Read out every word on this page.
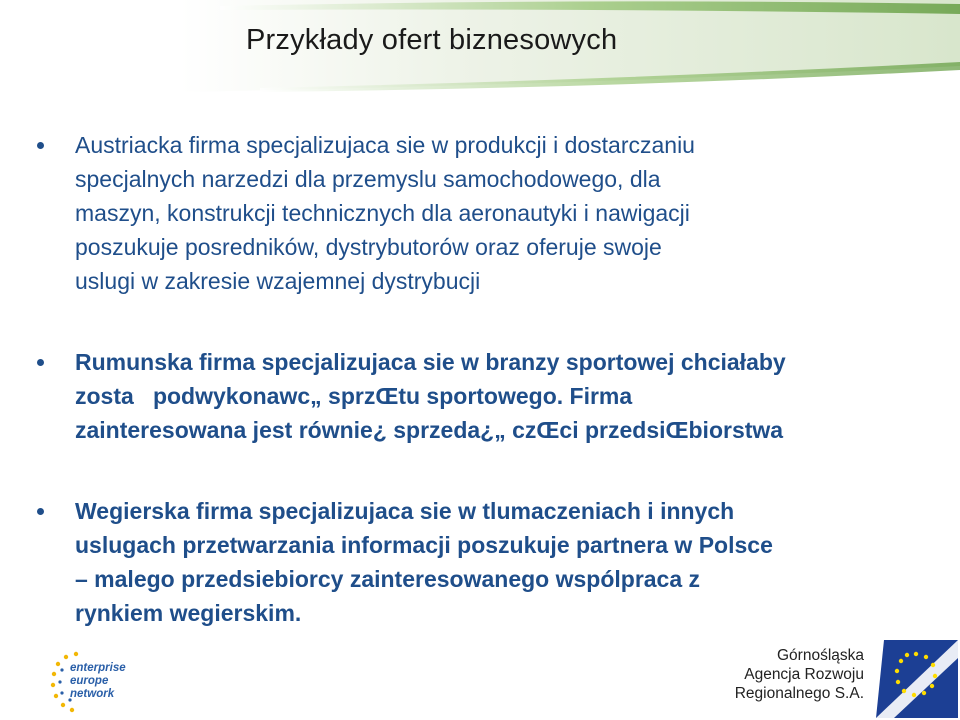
Przykłady ofert biznesowych
Austriacka firma specjalizujaca sie w produkcji i dostarczaniu
specjalnych narzedzi dla przemyslu samochodowego, dla
maszyn, konstrukcji technicznych dla aeronautyki i nawigacji
poszukuje posredników, dystrybutorów oraz oferuje swoje
uslugi w zakresie wzajemnej dystrybucji
Rumunska firma specjalizujaca sie w branzy sportowej chciałaby
zosta   podwykonawc„ sprzŒtu sportowego. Firma
zainteresowana jest równie¿ sprzeda¿„ czŒci przedsiŒbiorstwa
Wegierska firma specjalizujaca sie w tlumaczeniach i innych
uslugach przetwarzania informacji poszukuje partnera w Polsce
– malego przedsiebiorcy zainteresowanego wspólpraca z
rynkiem wegierskim.
enterprise
europe
network
Górnośląska
Agencja Rozwoju
Regionalnego S.A.
